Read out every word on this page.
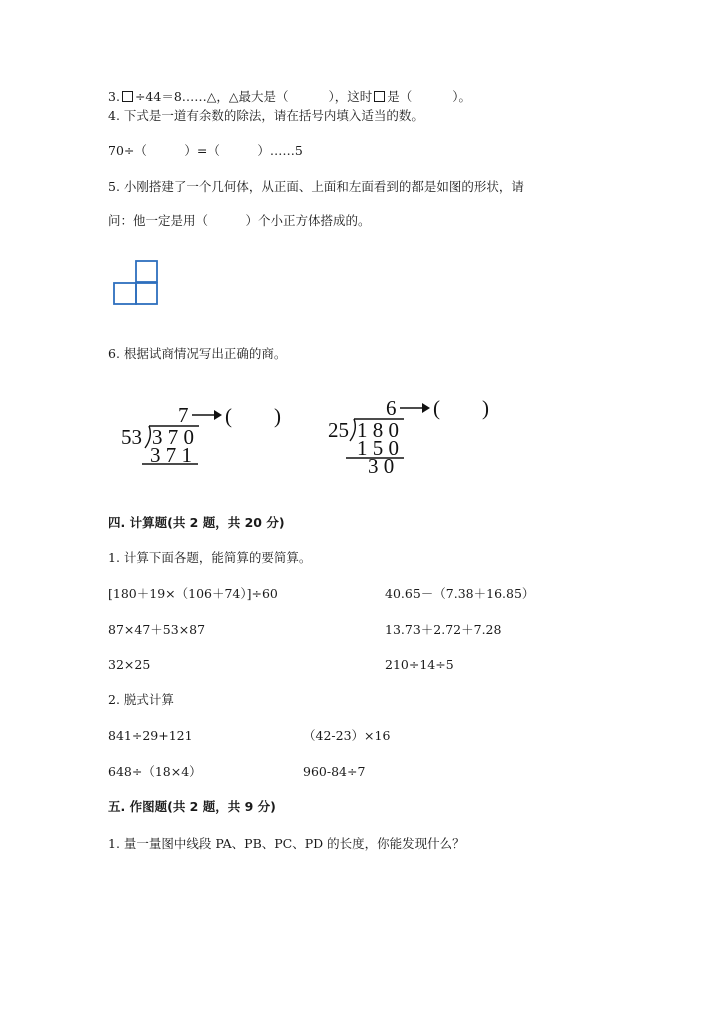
3. ÷44＝8……△，△最大是（	），这时 是（	）。
4. 下式是一道有余数的除法，请在括号内填入适当的数。
70÷（　　　）=（　　　）……5
5. 小刚搭建了一个几何体，从正面、上面和左面看到的都是如图的形状，请
问：他一定是用（　　　）个小正方体搭成的。
6. 根据试商情况写出正确的商。
7 (　　)
53 3 7 0
3 7 1
6 (　　)
25 1 8 0
1 5 0
3 0
四. 计算题(共 2 题，共 20 分)
1. 计算下面各题，能简算的要简算。
[180＋19×（106＋74）]÷60	40.65－（7.38＋16.85）
87×47＋53×87	13.73＋2.72＋7.28
32×25	210÷14÷5
2. 脱式计算
841÷29+121	（42-23）×16
648÷（18×4）	960-84÷7
五. 作图题(共 2 题，共 9 分)
1. 量一量图中线段 PA、PB、PC、PD 的长度，你能发现什么？
